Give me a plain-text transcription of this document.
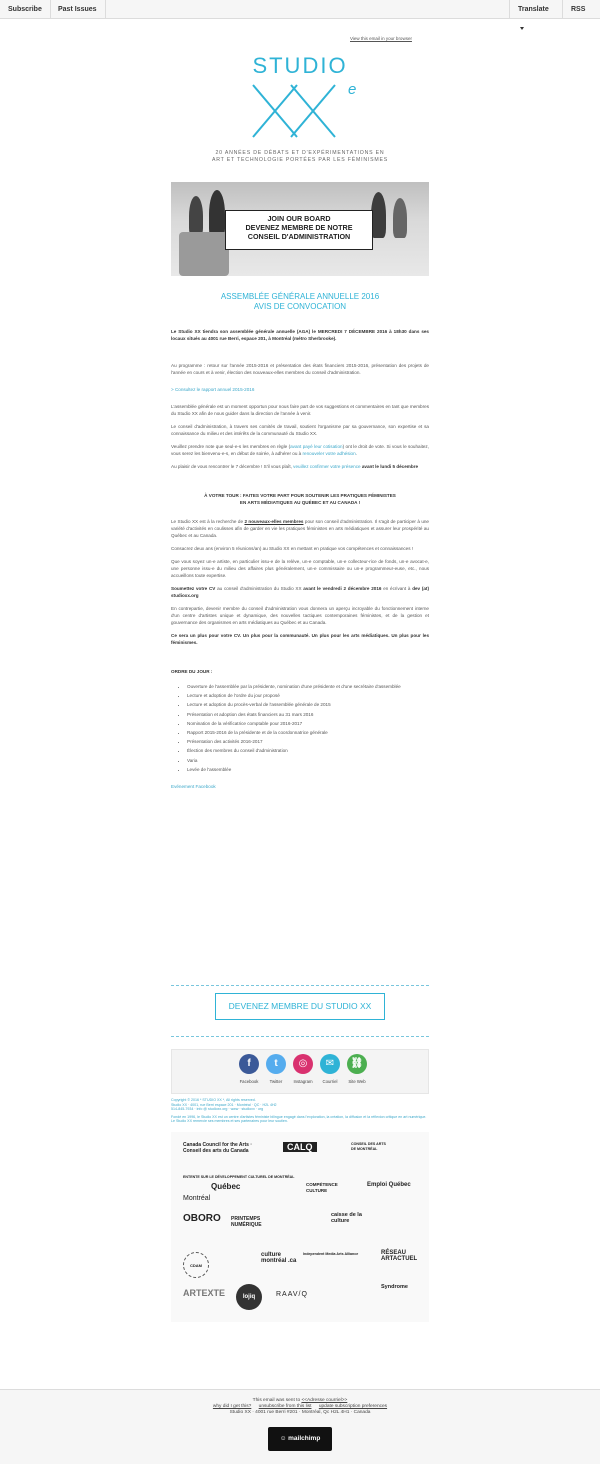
Subscribe	Past Issues	Translate	RSS
View this email in your browser
STUDIO
e
20 ANNÉES DE DÉBATS ET D'EXPÉRIMENTATIONS EN
ART ET TECHNOLOGIE PORTÉES PAR LES FÉMINISMES
JOIN OUR BOARD
DEVENEZ MEMBRE DE NOTRE
CONSEIL D'ADMINISTRATION
ASSEMBLÉE GÉNÉRALE ANNUELLE 2016
AVIS DE CONVOCATION

Le Studio XX tiendra son assemblée générale annuelle (AGA) le MERCREDI 7 DÉCEMBRE 2016 à 18h30 dans ses locaux situés au 4001 rue Berri, espace 201, à Montréal (métro Sherbrooke).

Au programme : retour sur l'année 2015-2016 et présentation des états financiers 2015-2016, présentation des projets de l'année en cours et à venir, élection des nouveaux-elles membres du conseil d'administration.

> Consultez le rapport annuel 2015-2016

L'assemblée générale est un moment opportun pour nous faire part de vos suggestions et commentaires en tant que membres du Studio XX afin de nous guider dans la direction de l'année à venir.

Le conseil d'administration, à travers ses comités de travail, soutient l'organisme par sa gouvernance, son expertise et sa connaissance du milieu et des intérêts de la communauté du Studio XX.

Veuillez prendre note que seul-e-s les membres en règle (avant payé leur cotisation) ont le droit de vote. Si vous le souhaitez, vous serez les bienvenu-e-s, en début de soirée, à adhérer ou à renouveler votre adhésion.

Au plaisir de vous rencontrer le 7 décembre ! S'il vous plaît, veuillez confirmer votre présence avant le lundi 5 décembre

À VOTRE TOUR : FAITES VOTRE PART POUR SOUTENIR LES PRATIQUES FÉMINISTES
EN ARTS MÉDIATIQUES AU QUÉBEC ET AU CANADA !

Le Studio XX est à la recherche de 2 nouveaux-elles membres pour son conseil d'administration. Il s'agit de participer à une variété d'activités en coulisses afin de garder en vie les pratiques féministes en arts médiatiques et assurer leur prospérité au Québec et au Canada.

Consacrez deux ans (environ 5 réunions/an) au Studio XX en mettant en pratique vos compétences et connaissances !

Que vous soyez un-e artiste, en particulier issu-e de la relève, un-e comptable, un-e collecteur-rice de fonds, un-e avocat-e, une personne issu-e du milieu des affaires plus généralement, un-e commissaire ou un-e programmeur-euse, etc., nous accueillons toute expertise.

Soumettez votre CV au conseil d'administration du Studio XX avant le vendredi 2 décembre 2016 en écrivant à dev (at) studioxx.org

En contrepartie, devenir membre du conseil d'administration vous donnera un aperçu incroyable du fonctionnement interne d'un centre d'artistes unique et dynamique, des nouvelles tactiques contemporaines féministes, et de la gestion et gouvernance des organismes en arts médiatiques au Québec et au Canada.

Ce sera un plus pour votre CV. Un plus pour la communauté. Un plus pour les arts médiatiques. Un plus pour les féminismes.

ORDRE DU JOUR :

• Ouverture de l'assemblée par la présidente, nomination d'une présidente et d'une secrétaire d'assemblée
• Lecture et adoption de l'ordre du jour proposé
• Lecture et adoption du procès-verbal de l'assemblée générale de 2015
• Présentation et adoption des états financiers au 31 mars 2016
• Nomination de la vérificatrice comptable pour 2016-2017
• Rapport 2015-2016 de la présidente et de la coordonnatrice générale
• Présentation des activités 2016-2017
• Élection des membres du conseil d'administration
• Varia
• Levée de l'assemblée

Evénement Facebook

DEVENEZ MEMBRE DU STUDIO XX
f
Facebook
t
Twitter
◎
Instagram
✉
Courriel
⛓
Site Web
Copyright © 2016 * STUDIO XX *, All rights reserved.
Studio XX · 4001, rue Berri espace 201 · Montréal · QC · H2L 4H2
514-845-7934 · info @ studioxx.org · www · studioxx · org
Fondé en 1996, le Studio XX est un centre d'artistes féministe bilingue engagé dans l'exploration, la création, la diffusion et la réflexion critique en art numérique. Le Studio XX remercie ses membres et ses partenaires pour leur soutien.
Canada Council for the Arts · Conseil des arts du Canada	CALQ	CONSEIL DES ARTS DE MONTRÉAL
ENTENTE SUR LE DÉVELOPPEMENT CULTUREL DE MONTRÉAL
Québec
Montréal
COMPÉTENCE CULTURE
Emploi Québec
OBORO PRINTEMPS NUMÉRIQUE
caisse de la culture
CDAM
culture montréal .ca
Independent Media Arts Alliance	RÉSEAU ARTACTUEL
ARTEXTE	lojiq	RAAV/Q
Syndrome
This email was sent to <<Adresse courriel>>
why did I get this? unsubscribe from this list update subscription preferences
Studio XX · 4001 rue Berri #201 · Montréal, Qc H2L 4H1 · Canada
☺ mailchimp
